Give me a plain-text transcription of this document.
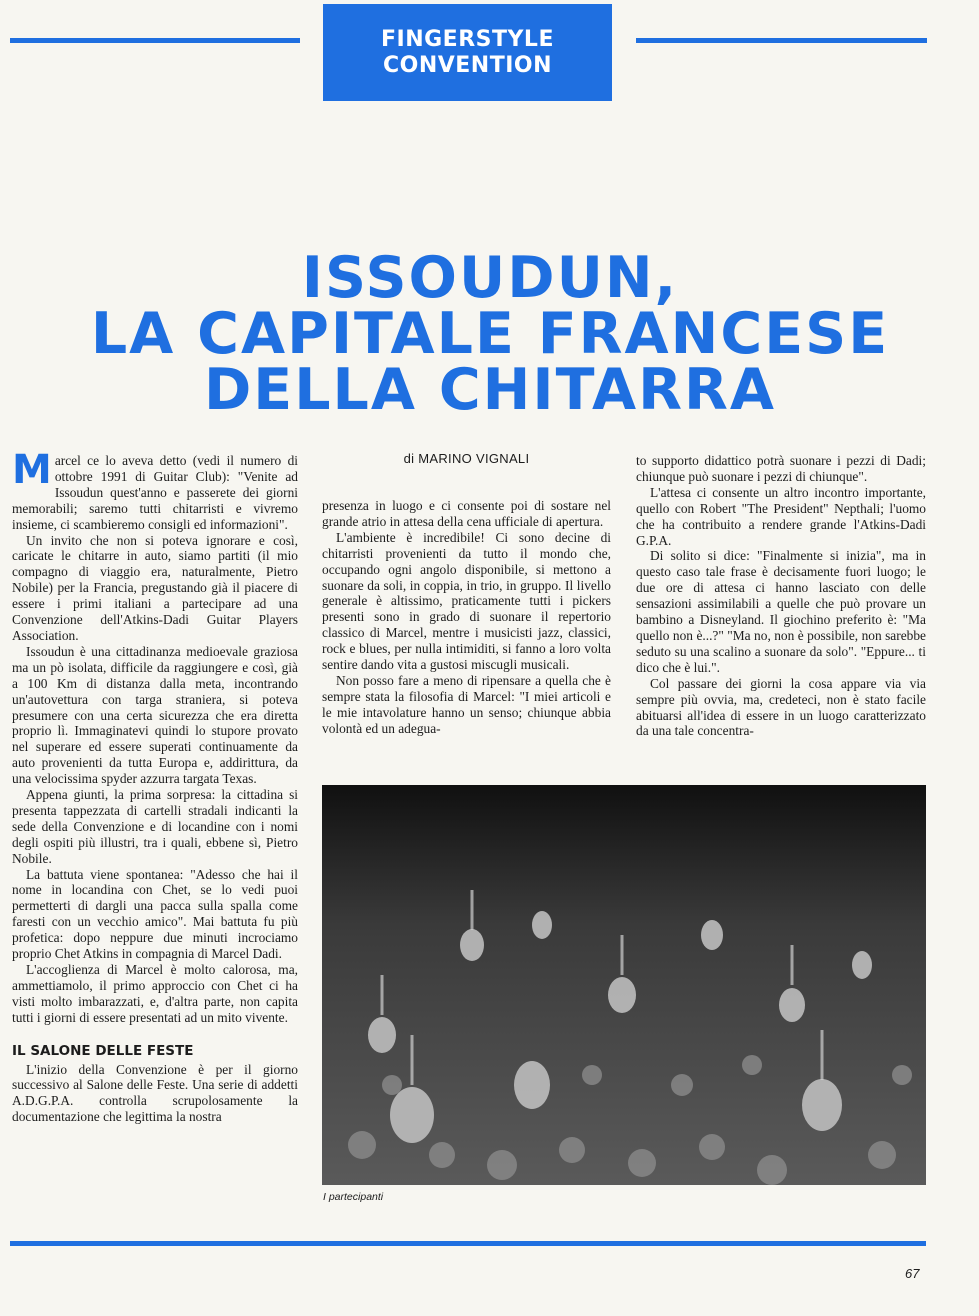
FINGERSTYLE
CONVENTION
ISSOUDUN,
LA CAPITALE FRANCESE
DELLA CHITARRA

Marcel ce lo aveva detto (vedi il numero di ottobre 1991 di Guitar Club): "Venite ad Issoudun quest'anno e passerete dei giorni memorabili; saremo tutti chitarristi e vivremo insieme, ci scambieremo consigli ed informazioni".

Un invito che non si poteva ignorare e così, caricate le chitarre in auto, siamo partiti (il mio compagno di viaggio era, naturalmente, Pietro Nobile) per la Francia, pregustando già il piacere di essere i primi italiani a partecipare ad una Convenzione dell'Atkins-Dadi Guitar Players Association.

Issoudun è una cittadinanza medioevale graziosa ma un pò isolata, difficile da raggiungere e così, già a 100 Km di distanza dalla meta, incontrando un'autovettura con targa straniera, si poteva presumere con una certa sicurezza che era diretta proprio lì. Immaginatevi quindi lo stupore provato nel superare ed essere superati continuamente da auto provenienti da tutta Europa e, addirittura, da una velocissima spyder azzurra targata Texas.

Appena giunti, la prima sorpresa: la cittadina si presenta tappezzata di cartelli stradali indicanti la sede della Convenzione e di locandine con i nomi degli ospiti più illustri, tra i quali, ebbene sì, Pietro Nobile.

La battuta viene spontanea: "Adesso che hai il nome in locandina con Chet, se lo vedi puoi permetterti di dargli una pacca sulla spalla come faresti con un vecchio amico". Mai battuta fu più profetica: dopo neppure due minuti incrociamo proprio Chet Atkins in compagnia di Marcel Dadi.

L'accoglienza di Marcel è molto calorosa, ma, ammettiamolo, il primo approccio con Chet ci ha visti molto imbarazzati, e, d'altra parte, non capita tutti i giorni di essere presentati ad un mito vivente.

IL SALONE DELLE FESTE

L'inizio della Convenzione è per il giorno successivo al Salone delle Feste. Una serie di addetti A.D.G.P.A. controlla scrupolosamente la documentazione che legittima la nostra

di MARINO VIGNALI

presenza in luogo e ci consente poi di sostare nel grande atrio in attesa della cena ufficiale di apertura.

L'ambiente è incredibile! Ci sono decine di chitarristi provenienti da tutto il mondo che, occupando ogni angolo disponibile, si mettono a suonare da soli, in coppia, in trio, in gruppo. Il livello generale è altissimo, praticamente tutti i pickers presenti sono in grado di suonare il repertorio classico di Marcel, mentre i musicisti jazz, classici, rock e blues, per nulla intimiditi, si fanno a loro volta sentire dando vita a gustosi miscugli musicali.

Non posso fare a meno di ripensare a quella che è sempre stata la filosofia di Marcel: "I miei articoli e le mie intavolature hanno un senso; chiunque abbia volontà ed un adegua-

to supporto didattico potrà suonare i pezzi di Dadi; chiunque può suonare i pezzi di chiunque".

L'attesa ci consente un altro incontro importante, quello con Robert "The President" Nepthali; l'uomo che ha contribuito a rendere grande l'Atkins-Dadi G.P.A.

Di solito si dice: "Finalmente si inizia", ma in questo caso tale frase è decisamente fuori luogo; le due ore di attesa ci hanno lasciato con delle sensazioni assimilabili a quelle che può provare un bambino a Disneyland. Il giochino preferito è: "Ma quello non è...?" "Ma no, non è possibile, non sarebbe seduto su una scalino a suonare da solo". "Eppure... ti dico che è lui.".

Col passare dei giorni la cosa appare via via sempre più ovvia, ma, credeteci, non è stato facile abituarsi all'idea di essere in un luogo caratterizzato da una tale concentra-

I partecipanti
67
